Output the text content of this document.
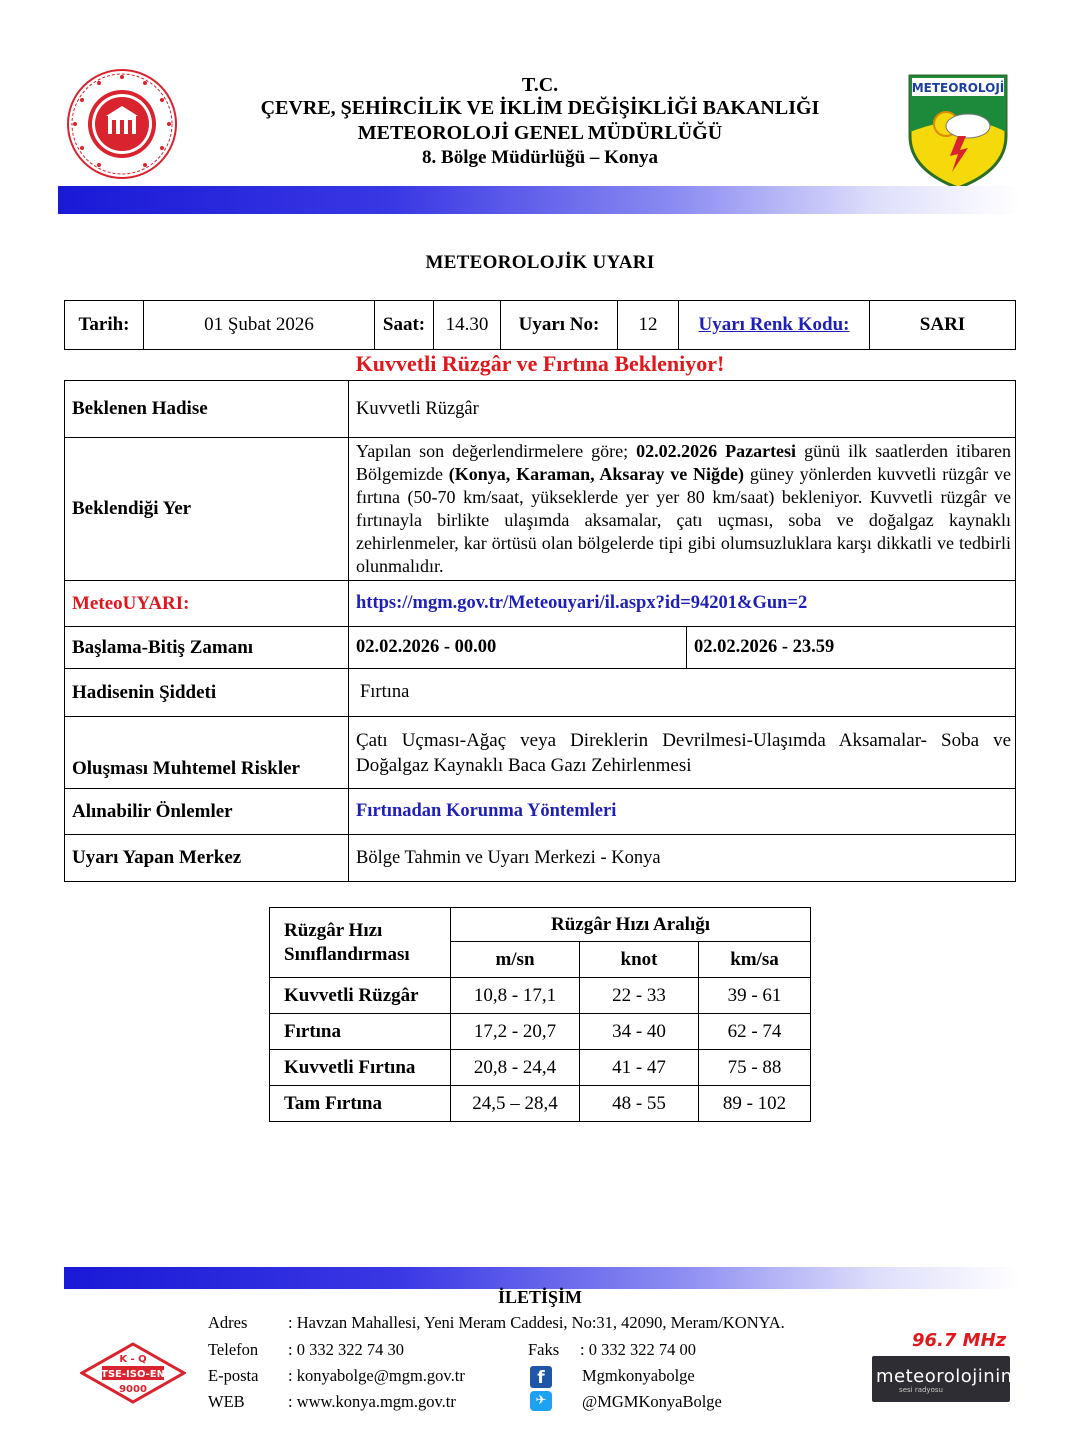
T.C.
ÇEVRE, ŞEHİRCİLİK VE İKLİM DEĞİŞİKLİĞİ BAKANLIĞI
METEOROLOJİ GENEL MÜDÜRLÜĞÜ
8. Bölge Müdürlüğü – Konya
METEOROLOJİ
METEOROLOJİK UYARI
Tarih:	01 Şubat 2026	Saat:	14.30	Uyarı No:	12	Uyarı Renk Kodu:	SARI
Kuvvetli Rüzgâr ve Fırtına Bekleniyor!
Beklenen Hadise	Kuvvetli Rüzgâr	
Beklendiği Yer	Yapılan son değerlendirmelere göre; 02.02.2026 Pazartesi günü ilk saatlerden itibaren Bölgemizde (Konya, Karaman, Aksaray ve Niğde) güney yönlerden kuvvetli rüzgâr ve fırtına (50-70 km/saat, yükseklerde yer yer 80 km/saat) bekleniyor. Kuvvetli rüzgâr ve fırtınayla birlikte ulaşımda aksamalar, çatı uçması, soba ve doğalgaz kaynaklı zehirlenmeler, kar örtüsü olan bölgelerde tipi gibi olumsuzluklara karşı dikkatli ve tedbirli olunmalıdır.	

MeteoUYARI:	https://mgm.gov.tr/Meteouyari/il.aspx?id=94201&Gun=2	
Başlama-Bitiş Zamanı	02.02.2026 - 00.00	02.02.2026 - 23.59
Hadisenin Şiddeti	Fırtına	
Oluşması Muhtemel Riskler	Çatı Uçması-Ağaç veya Direklerin Devrilmesi-Ulaşımda Aksamalar- Soba ve Doğalgaz Kaynaklı Baca Gazı Zehirlenmesi	

Alınabilir Önlemler	Fırtınadan Korunma Yöntemleri	
Uyarı Yapan Merkez	Bölge Tahmin ve Uyarı Merkezi - Konya	
Rüzgâr Hızı Sınıflandırması	Rüzgâr Hızı Aralığı		
	m/sn	knot	km/sa
Kuvvetli Rüzgâr	10,8 - 17,1	22 - 33	39 - 61
Fırtına	17,2 - 20,7	34 - 40	62 - 74
Kuvvetli Fırtına	20,8 - 24,4	41 - 47	75 - 88
Tam Fırtına	24,5 – 28,4	48 - 55	89 - 102
İLETİŞİM
Adres : Havzan Mahallesi, Yeni Meram Caddesi, No:31, 42090, Meram/KONYA.
Telefon : 0 332 322 74 30	Faks : 0 332 322 74 00
E-posta : konyabolge@mgm.gov.tr	f	Mgmkonyabolge
WEB	: www.konya.mgm.gov.tr	✈	@MGMKonyaBolge
K - Q
TSE-ISO-EN
9000
96.7 MHz
meteorolojinin
sesi radyosu
